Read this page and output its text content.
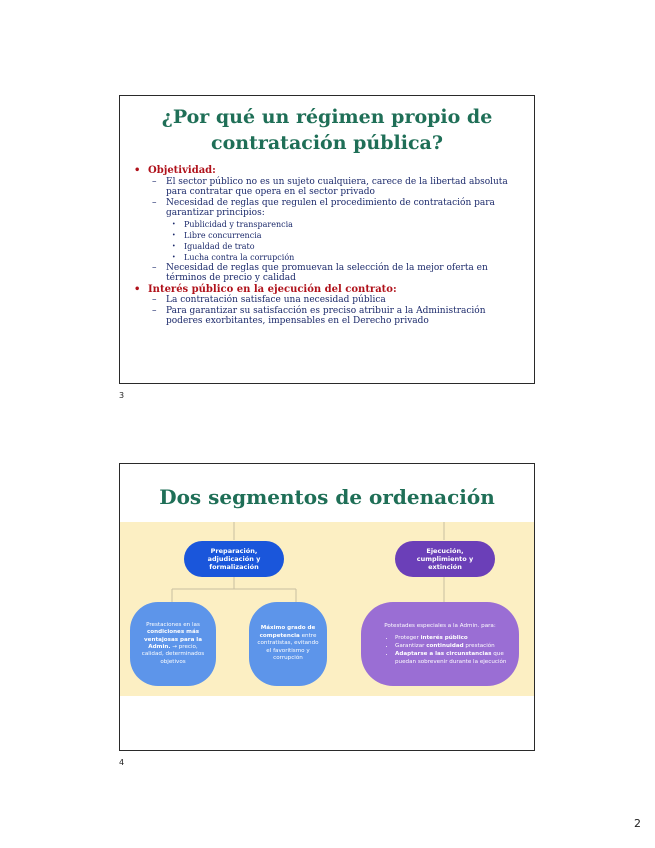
¿Por qué un régimen propio de contratación pública?
• Objetividad:
– El sector público no es un sujeto cualquiera, carece de la libertad absoluta para contratar que opera en el sector privado
– Necesidad de reglas que regulen el procedimiento de contratación para garantizar principios:
• Publicidad y transparencia
• Libre concurrencia
• Igualdad de trato
• Lucha contra la corrupción
– Necesidad de reglas que promuevan la selección de la mejor oferta en términos de precio y calidad
• Interés público en la ejecución del contrato:
– La contratación satisface una necesidad pública
– Para garantizar su satisfacción es preciso atribuir a la Administración poderes exorbitantes, impensables en el Derecho privado
3
Dos segmentos de ordenación
Preparación, adjudicación y formalización
Ejecución, cumplimiento y extinción
Prestaciones en las condiciones más ventajosas para la Admin. → precio, calidad, determinados objetivos
Máximo grado de competencia entre contratistas, evitando el favoritismo y corrupción
Potestades especiales a la Admin. para:
• Proteger interés público
• Garantizar continuidad prestación
• Adaptarse a las circunstancias que puedan sobrevenir durante la ejecución
4
2
